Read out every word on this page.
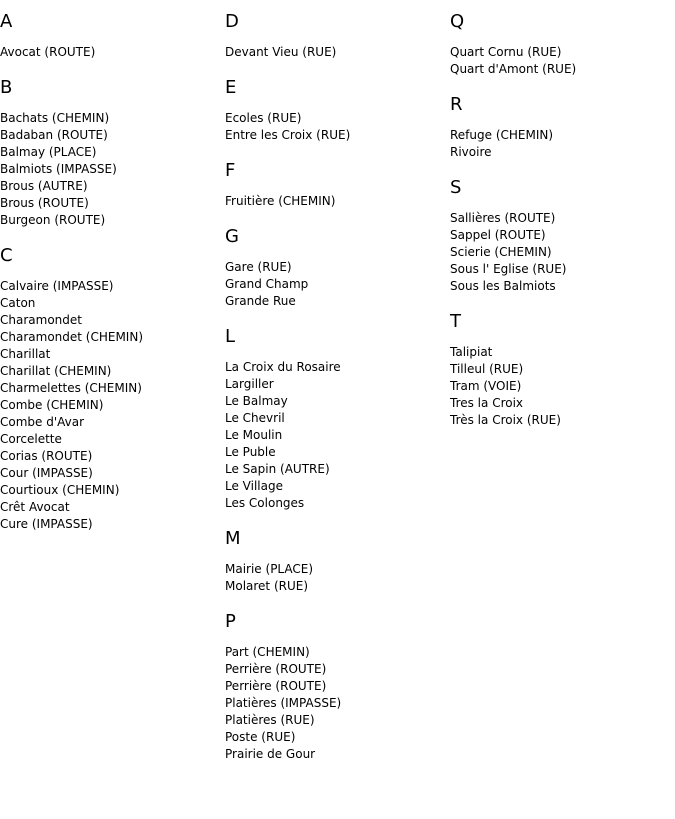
A
Avocat (ROUTE)
B
Bachats (CHEMIN)
Badaban (ROUTE)
Balmay (PLACE)
Balmiots (IMPASSE)
Brous (AUTRE)
Brous (ROUTE)
Burgeon (ROUTE)
C
Calvaire (IMPASSE)
Caton
Charamondet
Charamondet (CHEMIN)
Charillat
Charillat (CHEMIN)
Charmelettes (CHEMIN)
Combe (CHEMIN)
Combe d'Avar
Corcelette
Corias (ROUTE)
Cour (IMPASSE)
Courtioux (CHEMIN)
Crêt Avocat
Cure (IMPASSE)
D
Devant Vieu (RUE)
E
Ecoles (RUE)
Entre les Croix (RUE)
F
Fruitière (CHEMIN)
G
Gare (RUE)
Grand Champ
Grande Rue
L
La Croix du Rosaire
Largiller
Le Balmay
Le Chevril
Le Moulin
Le Puble
Le Sapin (AUTRE)
Le Village
Les Colonges
M
Mairie (PLACE)
Molaret (RUE)
P
Part (CHEMIN)
Perrière (ROUTE)
Perrière (ROUTE)
Platières (IMPASSE)
Platières (RUE)
Poste (RUE)
Prairie de Gour
Q
Quart Cornu (RUE)
Quart d'Amont (RUE)
R
Refuge (CHEMIN)
Rivoire
S
Sallières (ROUTE)
Sappel (ROUTE)
Scierie (CHEMIN)
Sous l' Eglise (RUE)
Sous les Balmiots
T
Talipiat
Tilleul (RUE)
Tram (VOIE)
Tres la Croix
Très la Croix (RUE)
